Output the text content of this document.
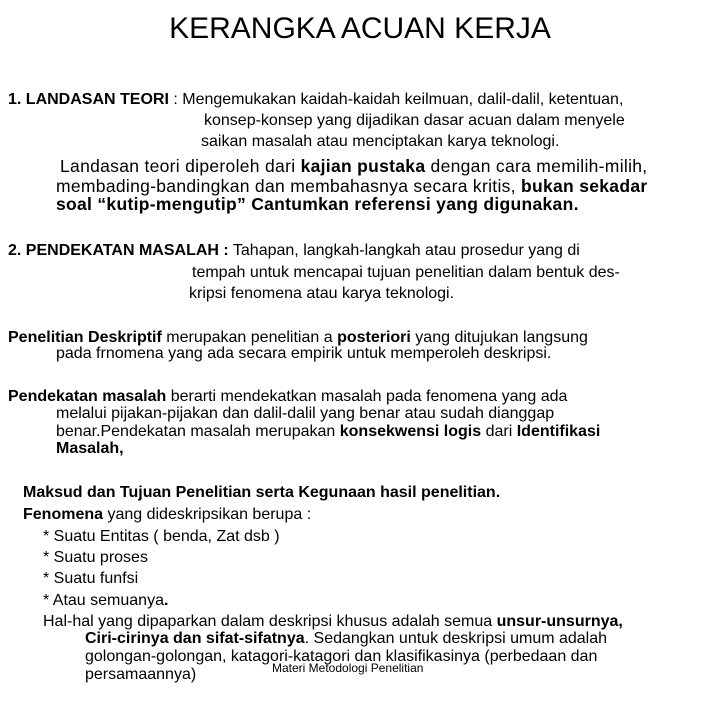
KERANGKA ACUAN KERJA
1. LANDASAN TEORI : Mengemukakan kaidah-kaidah keilmuan, dalil-dalil, ketentuan,
konsep-konsep yang dijadikan dasar acuan dalam menyele
saikan masalah atau menciptakan karya teknologi.
Landasan teori diperoleh dari kajian pustaka dengan cara memilih-milih,
membading-bandingkan dan membahasnya secara kritis, bukan sekadar
soal “kutip-mengutip” Cantumkan referensi yang digunakan.
2. PENDEKATAN MASALAH : Tahapan, langkah-langkah atau prosedur yang di
tempah untuk mencapai tujuan penelitian dalam bentuk des-
kripsi fenomena atau karya teknologi.
Penelitian Deskriptif merupakan penelitian a posteriori yang ditujukan langsung
pada frnomena yang ada secara empirik untuk memperoleh deskripsi.
Pendekatan masalah berarti mendekatkan masalah pada fenomena yang ada
melalui pijakan-pijakan dan dalil-dalil yang benar atau sudah dianggap
benar.Pendekatan masalah merupakan konsekwensi logis dari Identifikasi
Masalah,
Maksud dan Tujuan Penelitian serta Kegunaan hasil penelitian.
Fenomena yang dideskripsikan berupa :
* Suatu Entitas ( benda, Zat dsb )
* Suatu proses
* Suatu funfsi
* Atau semuanya.
Hal-hal yang dipaparkan dalam deskripsi khusus adalah semua unsur-unsurnya,
Ciri-cirinya dan sifat-sifatnya. Sedangkan untuk deskripsi umum adalah
golongan-golongan, katagori-katagori dan klasifikasinya (perbedaan dan
persamaannya)	Materi Metodologi Penelitian
